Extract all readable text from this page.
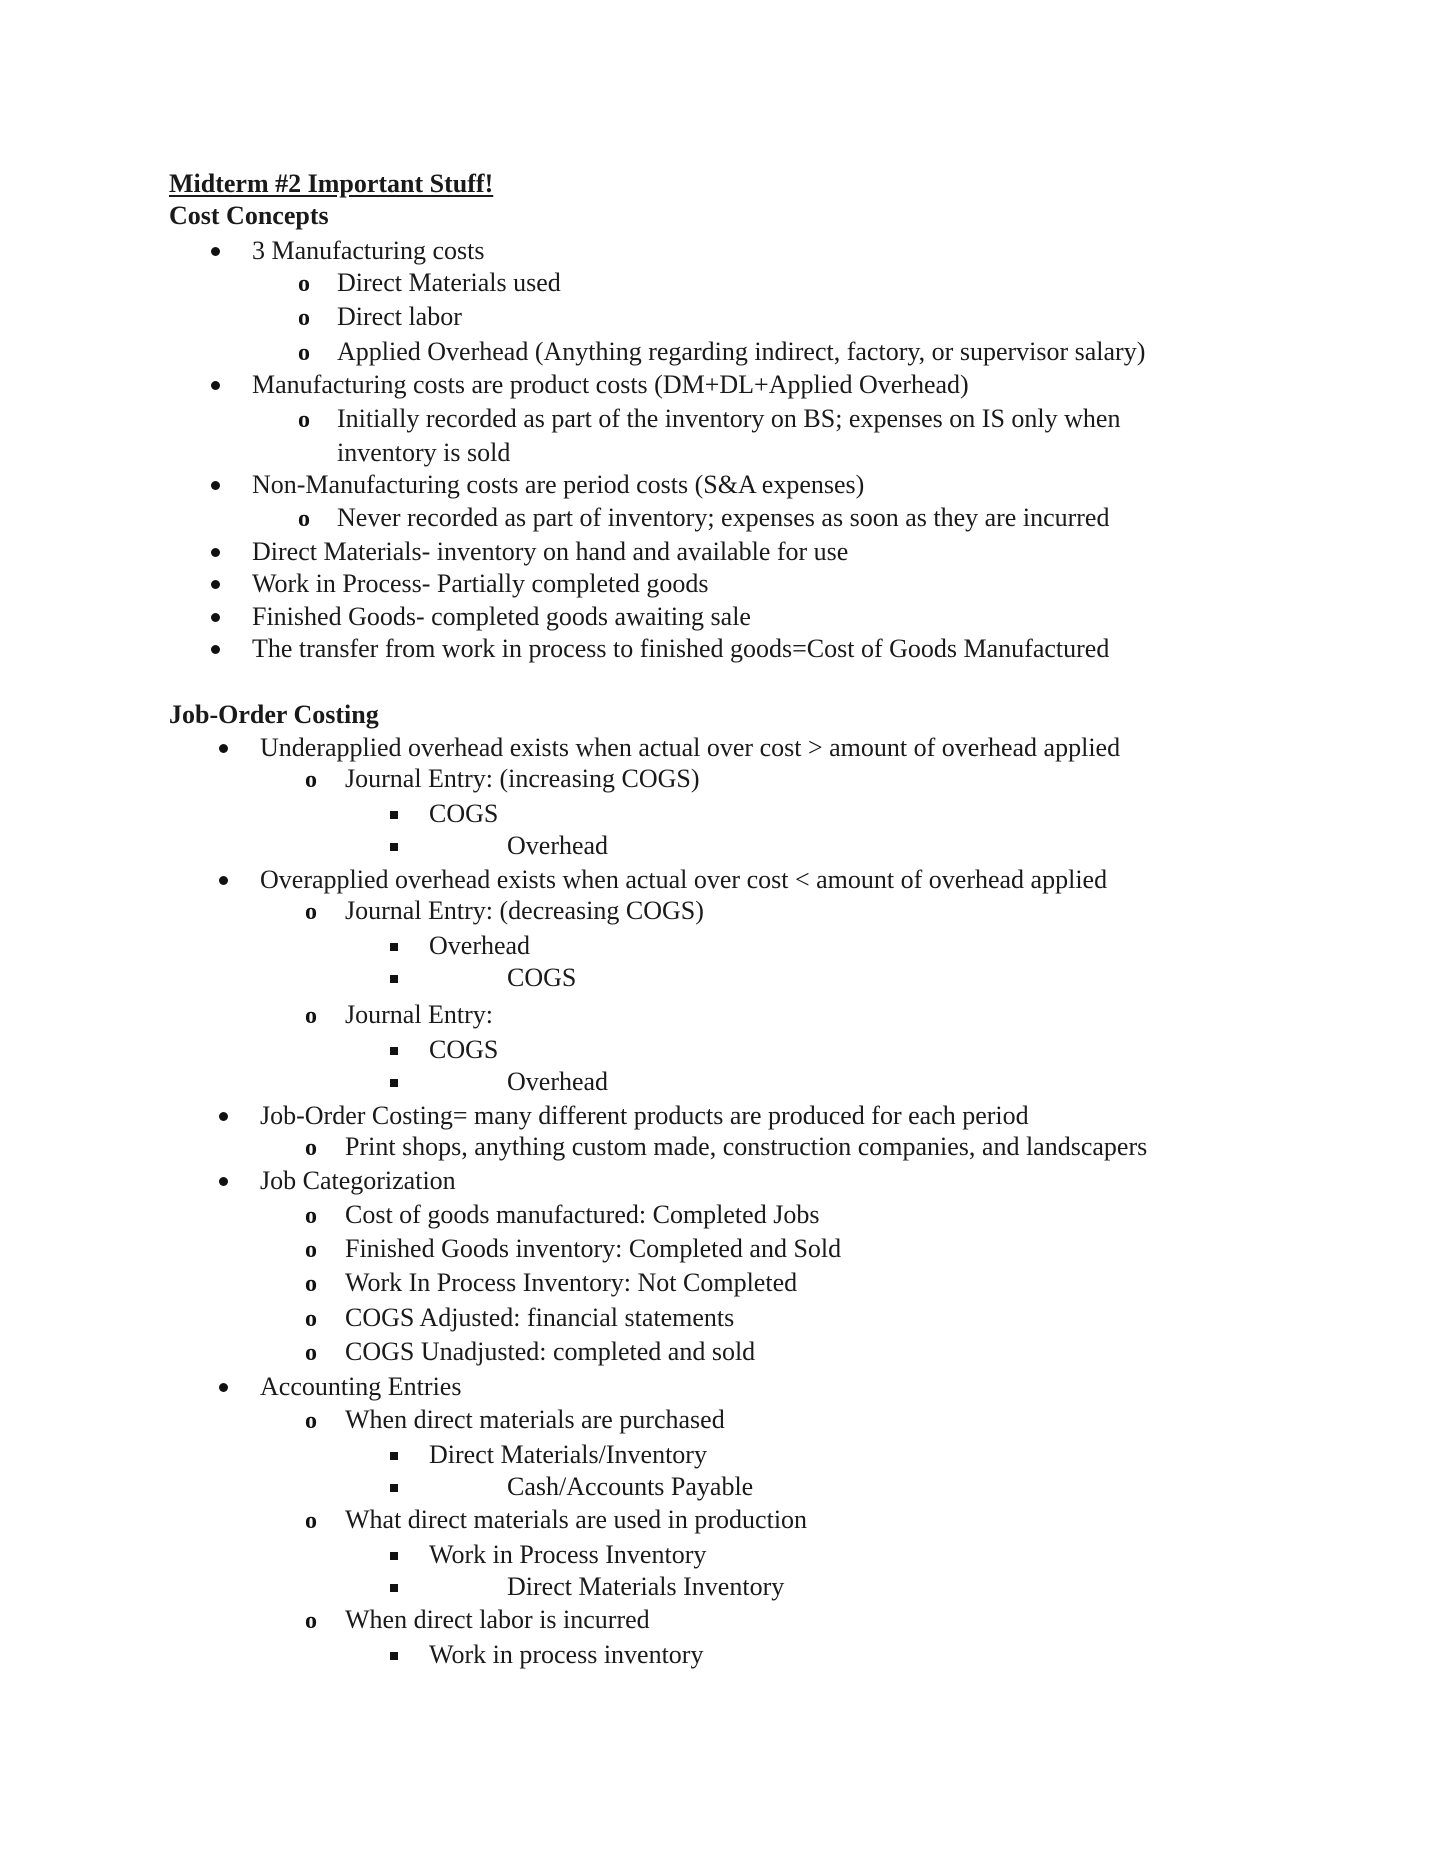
Midterm #2 Important Stuff!
Cost Concepts
3 Manufacturing costs
o Direct Materials used
o Direct labor
o Applied Overhead (Anything regarding indirect, factory, or supervisor salary)
Manufacturing costs are product costs (DM+DL+Applied Overhead)
o Initially recorded as part of the inventory on BS; expenses on IS only when
inventory is sold
Non-Manufacturing costs are period costs (S&A expenses)
o Never recorded as part of inventory; expenses as soon as they are incurred
Direct Materials- inventory on hand and available for use
Work in Process- Partially completed goods
Finished Goods- completed goods awaiting sale
The transfer from work in process to finished goods=Cost of Goods Manufactured
Job-Order Costing
Underapplied overhead exists when actual over cost > amount of overhead applied
o Journal Entry: (increasing COGS)
COGS
Overhead
Overapplied overhead exists when actual over cost < amount of overhead applied
o Journal Entry: (decreasing COGS)
Overhead
COGS
o Journal Entry:
COGS
Overhead
Job-Order Costing= many different products are produced for each period
o Print shops, anything custom made, construction companies, and landscapers
Job Categorization
o Cost of goods manufactured: Completed Jobs
o Finished Goods inventory: Completed and Sold
o Work In Process Inventory: Not Completed
o COGS Adjusted: financial statements
o COGS Unadjusted: completed and sold
Accounting Entries
o When direct materials are purchased
Direct Materials/Inventory
Cash/Accounts Payable
o What direct materials are used in production
Work in Process Inventory
Direct Materials Inventory
o When direct labor is incurred
Work in process inventory
